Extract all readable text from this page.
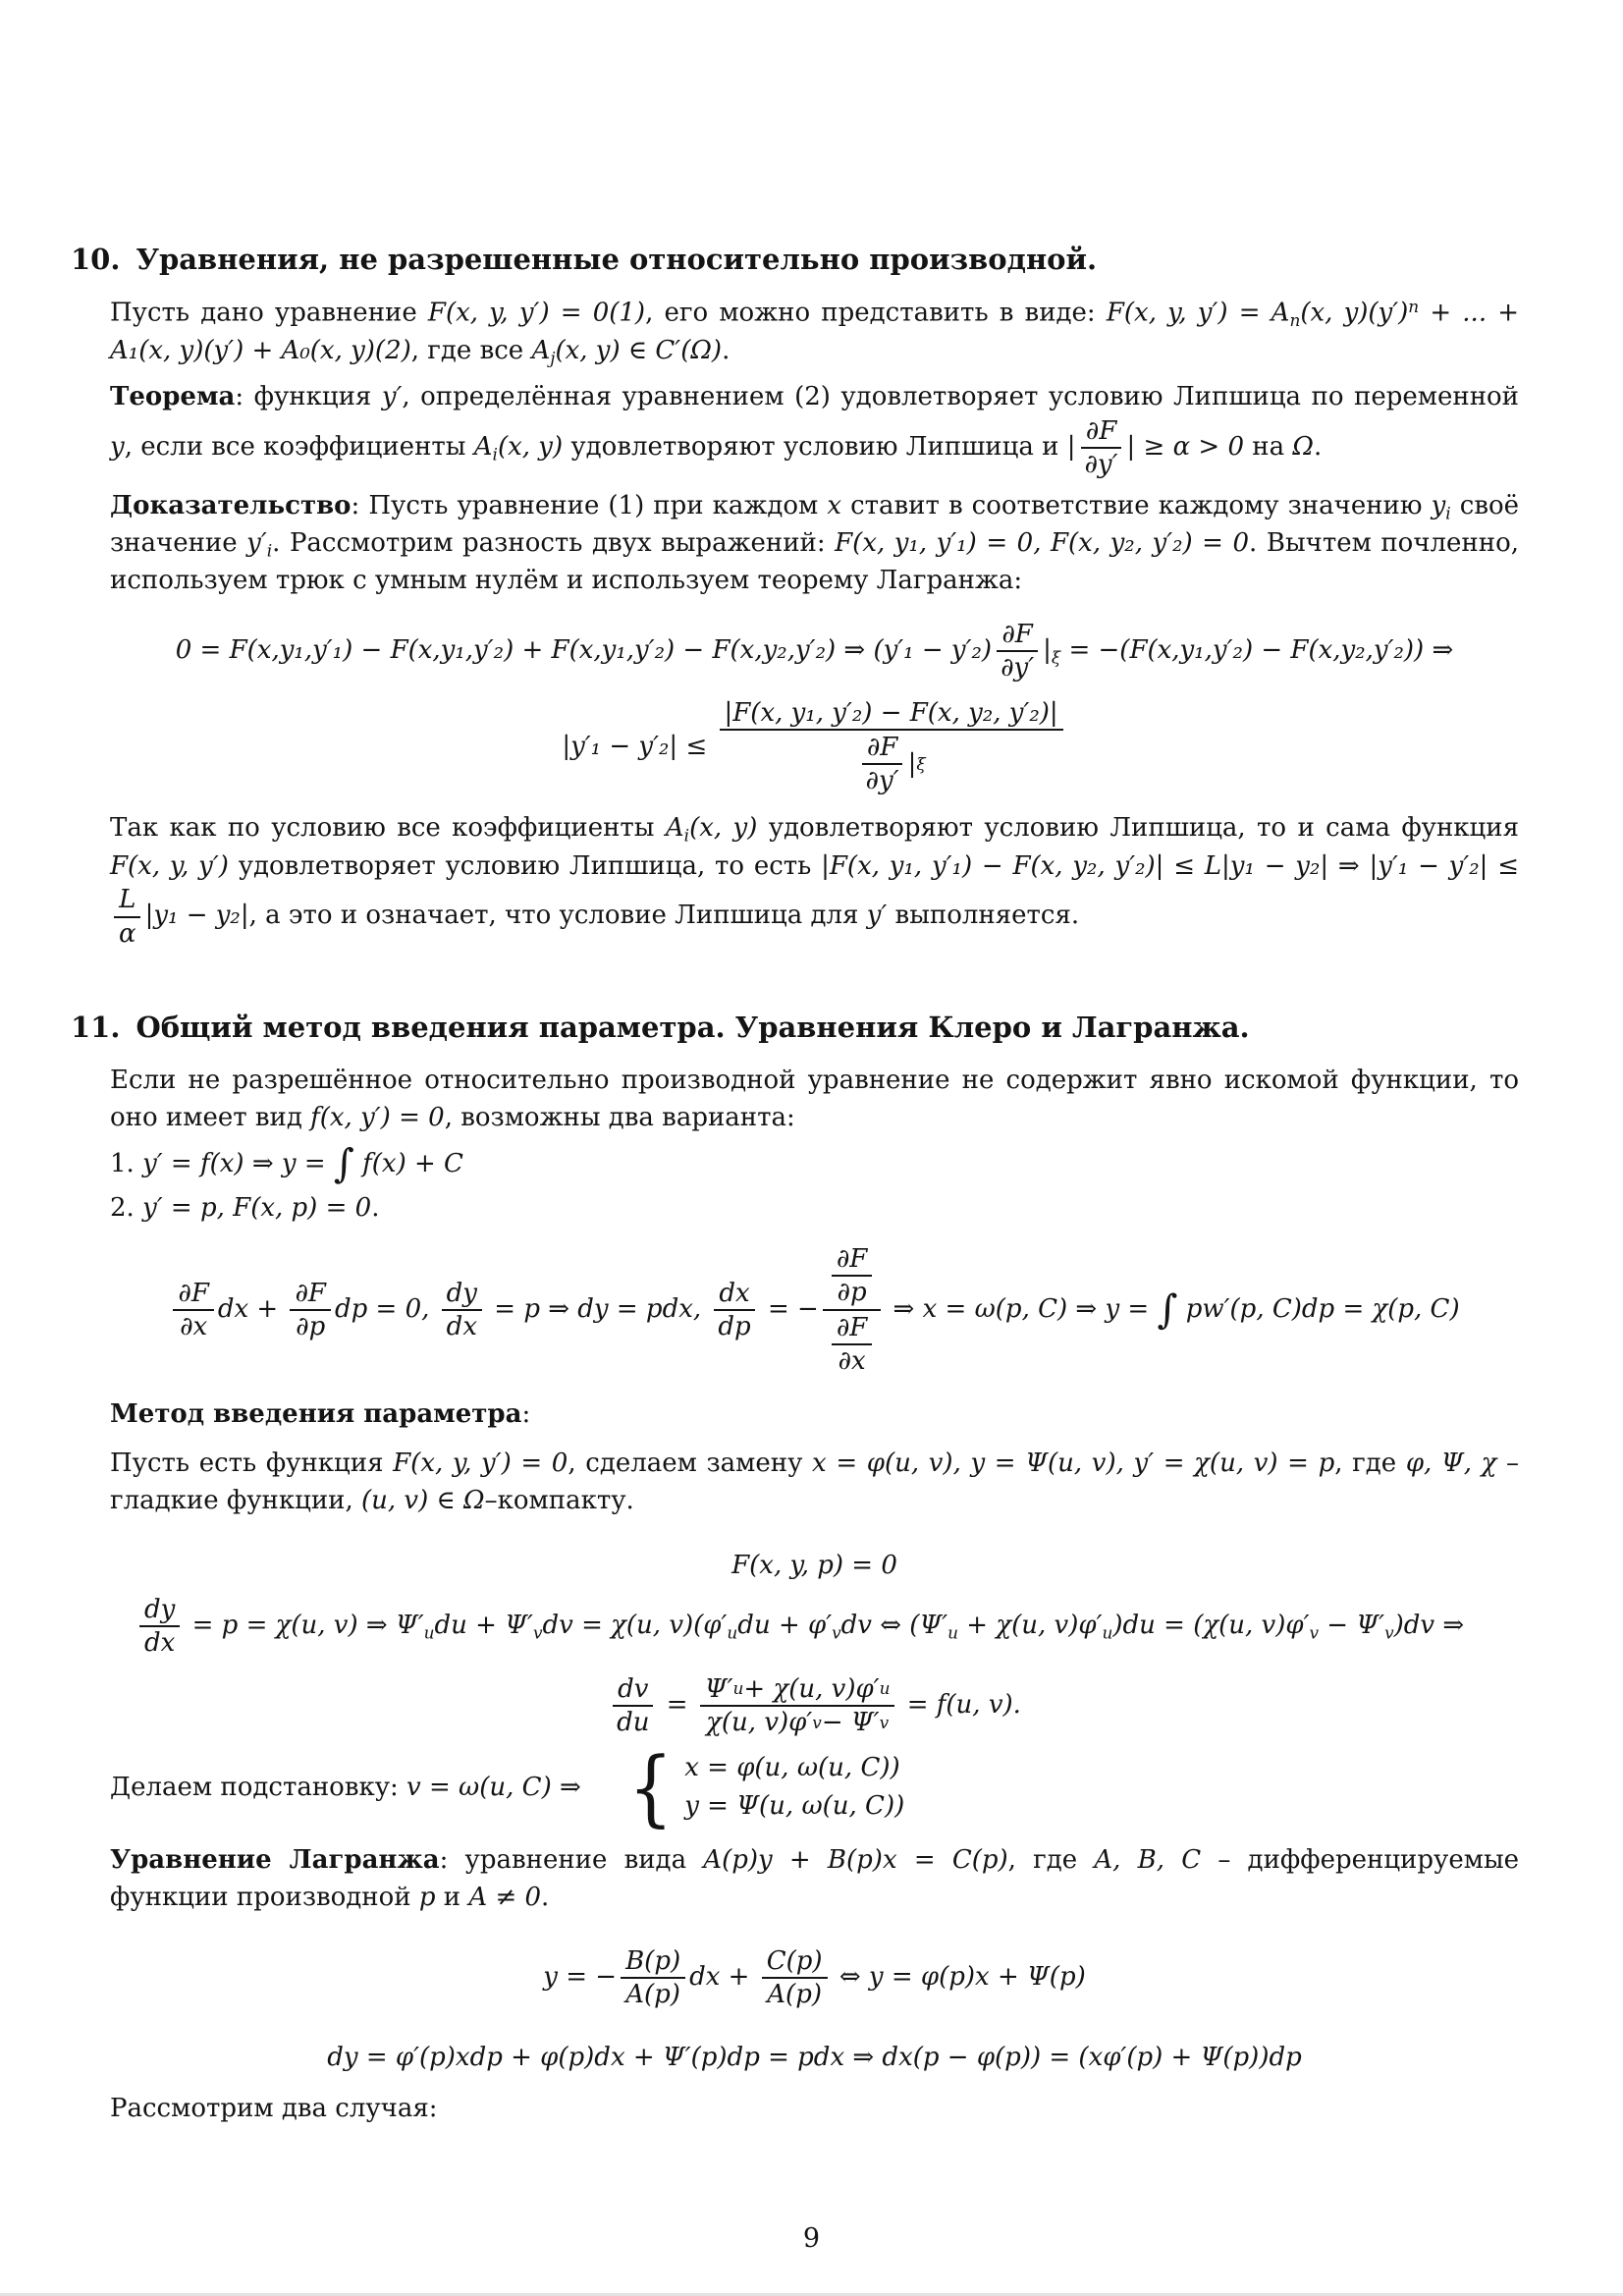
10. Уравнения, не разрешенные относительно производной.

Пусть дано уравнение F(x, y, y′) = 0(1), его можно представить в виде: F(x, y, $y') = A_n(x$, $y)(y')^n$ + ... + A₁(x, y)(y′) + A₀(x, y)(2), где все $A_j(x$, y) ∈ C′(Ω).

Теорема: функция y′, определённая уравнением (2) удовлетворяет условию Липшица по переменной y, если все коэффициенты $A_i(x$, y) удовлетворяют условию Липшица и | $\frac{\partial F}{\partial y'}$ | ≥ α > 0 на Ω.

Доказательство: Пусть уравнение (1) при каждом x ставит в соответствие каждому значению $y_i$ своё значение $y'_i$. Рассмотрим разность двух выражений: F(x, y₁, y′₁) = 0, F(x, y₂, y′₂) = 0. Вычтем почленно, используем трюк с умным нулём и используем теорему Лагранжа:

0 = F(x,y₁,y′₁) − F(x,y₁,y′₂) + F(x,y₁,y′₂) − F(x,y₂,y′₂) ⇒ $(y'_1 - y'_2) \frac{\partial F}{\partial y'} |_\xi = -(F(x,y_1,y'_2) - F(x,y_2,y'_2))$ ⇒
$|y'_1 - y'_2| \le \frac{\text{|F(x, y₁, y′₂) − F(x, y₂, y′₂)|}}{\frac{\partial F}{\partial y'} | \xi}$

Так как по условию все коэффициенты $A_i(x$, y) удовлетворяют условию Липшица, то и сама функция F(x, y, y′) удовлетворяет условию Липшица, то есть |F(x, y₁, y′₁) − F(x, y₂, y′₂)| ≤ L|y₁ − y₂| ⇒ |y′₁ − y′₂| ≤
$\frac{L}{\alpha} |y_1 - y_2|$, а это и означает, что условие Липшица для y′ выполняется.

11. Общий метод введения параметра. Уравнения Клеро и Лагранжа.

Если не разрешённое относительно производной уравнение не содержит явно искомой функции, то оно имеет вид f(x, y′) = 0, возможны два варианта:

1. y′ = f(x) ⇒ y = ∫ f(x) + C

2. y′ = p, F(x, p) = 0.

$\frac{\partial F}{\partial x}$ dx + $\frac{\partial F}{\partial p}$ dp = 0, $\frac{dy}{dx} = p$ ⇒ dy = pdx, $\frac{dx}{dp}$ = − $\frac{\frac{\partial F}{\partial p}}{\frac{\partial F}{\partial x}}$ ⇒ x = ω(p, C) ⇒ y = ∫ pw′(p, C)dp = χ(p, C)

Метод введения параметра:

Пусть есть функция F(x, y, y′) = 0, сделаем замену x = φ(u, v), y = Ψ(u, v), y′ = χ(u, v) = p, где φ, Ψ, χ – гладкие функции, (u, v) ∈ Ω–компакту.

F(x, y, p) = 0
$\frac{dy}{dx} = p = \chi(u$, v) ⇒ $\Psi'_udu + \Psi'_vdv = \chi(u$, $v)(\varphi'_udu + \varphi'_vdv$ ⇔ ($\Psi'_u + \chi(u$, $v)\varphi'_u)du = (\chi(u$, $v)\varphi'_v - \Psi'_v)dv$ ⇒
$\frac{dv}{du} = \frac{\Psi' u + \chi(u, v)\varphi' u}{\chi(u, v)\varphi' v - \Psi' v} = f(u$, v).
Делаем подстановку: v = ω(u, C) ⇒ { x = φ(u, ω(u, C))
y = Ψ(u, ω(u, C))

Уравнение Лагранжа: уравнение вида A(p)y + B(p)x = C(p), где A, B, C – дифференцируемые функции производной p и A ≠ 0.

y = − $\frac{B(p)}{A(p)}$ dx + $\frac{C(p)}{A(p)}$ ⇔ y = φ(p)x + Ψ(p)
dy = φ′(p)xdp + φ(p)dx + Ψ′(p)dp = pdx ⇒ dx(p − φ(p)) = (xφ′(p) + Ψ(p))dp

Рассмотрим два случая:

9
